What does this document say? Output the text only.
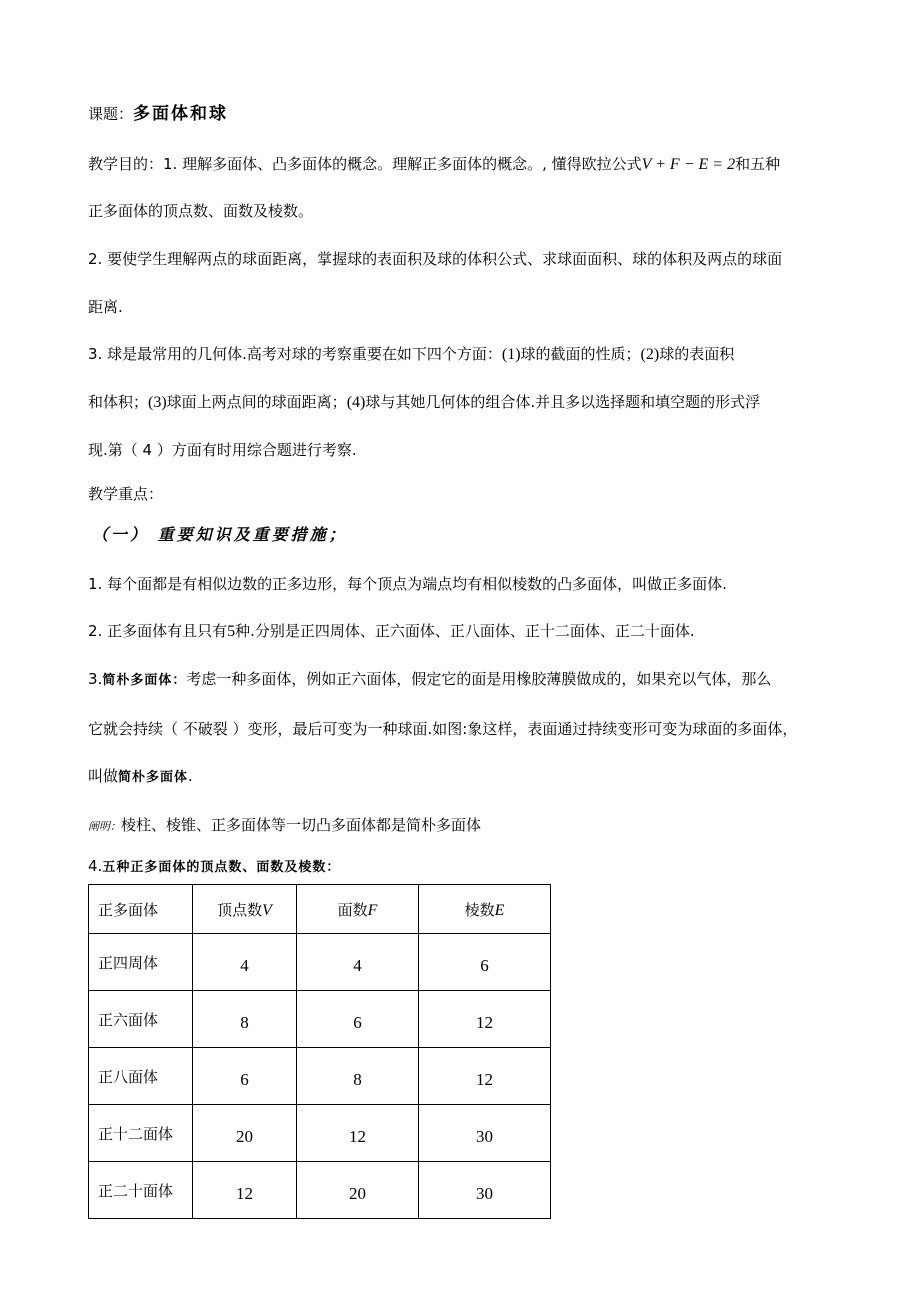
课题：多面体和球
教学目的：1. 理解多面体、凸多面体的概念。理解正多面体的概念。, 懂得欧拉公式V + F − E = 2和五种
正多面体的顶点数、面数及棱数。
2. 要使学生理解两点的球面距离，掌握球的表面积及球的体积公式、求球面面积、球的体积及两点的球面
距离.
3. 球是最常用的几何体.高考对球的考察重要在如下四个方面：(1)球的截面的性质；(2)球的表面积
和体积；(3)球面上两点间的球面距离；(4)球与其她几何体的组合体.并且多以选择题和填空题的形式浮
现.第（ 4 ）方面有时用综合题进行考察.
教学重点：
（一） 重要知识及重要措施；
1. 每个面都是有相似边数的正多边形，每个顶点为端点均有相似棱数的凸多面体，叫做正多面体.
2. 正多面体有且只有5种.分别是正四周体、正六面体、正八面体、正十二面体、正二十面体.
3.简朴多面体：考虑一种多面体，例如正六面体，假定它的面是用橡胶薄膜做成的，如果充以气体，那么
它就会持续（ 不破裂 ）变形，最后可变为一种球面.如图:象这样，表面通过持续变形可变为球面的多面体，
叫做简朴多面体.
阐明：棱柱、棱锥、正多面体等一切凸多面体都是简朴多面体
4.五种正多面体的顶点数、面数及棱数：
正多面体	顶点数V	面数F	棱数E
正四周体	4	4	6
正六面体	8	6	12
正八面体	6	8	12
正十二面体	20	12	30
正二十面体	12	20	30
